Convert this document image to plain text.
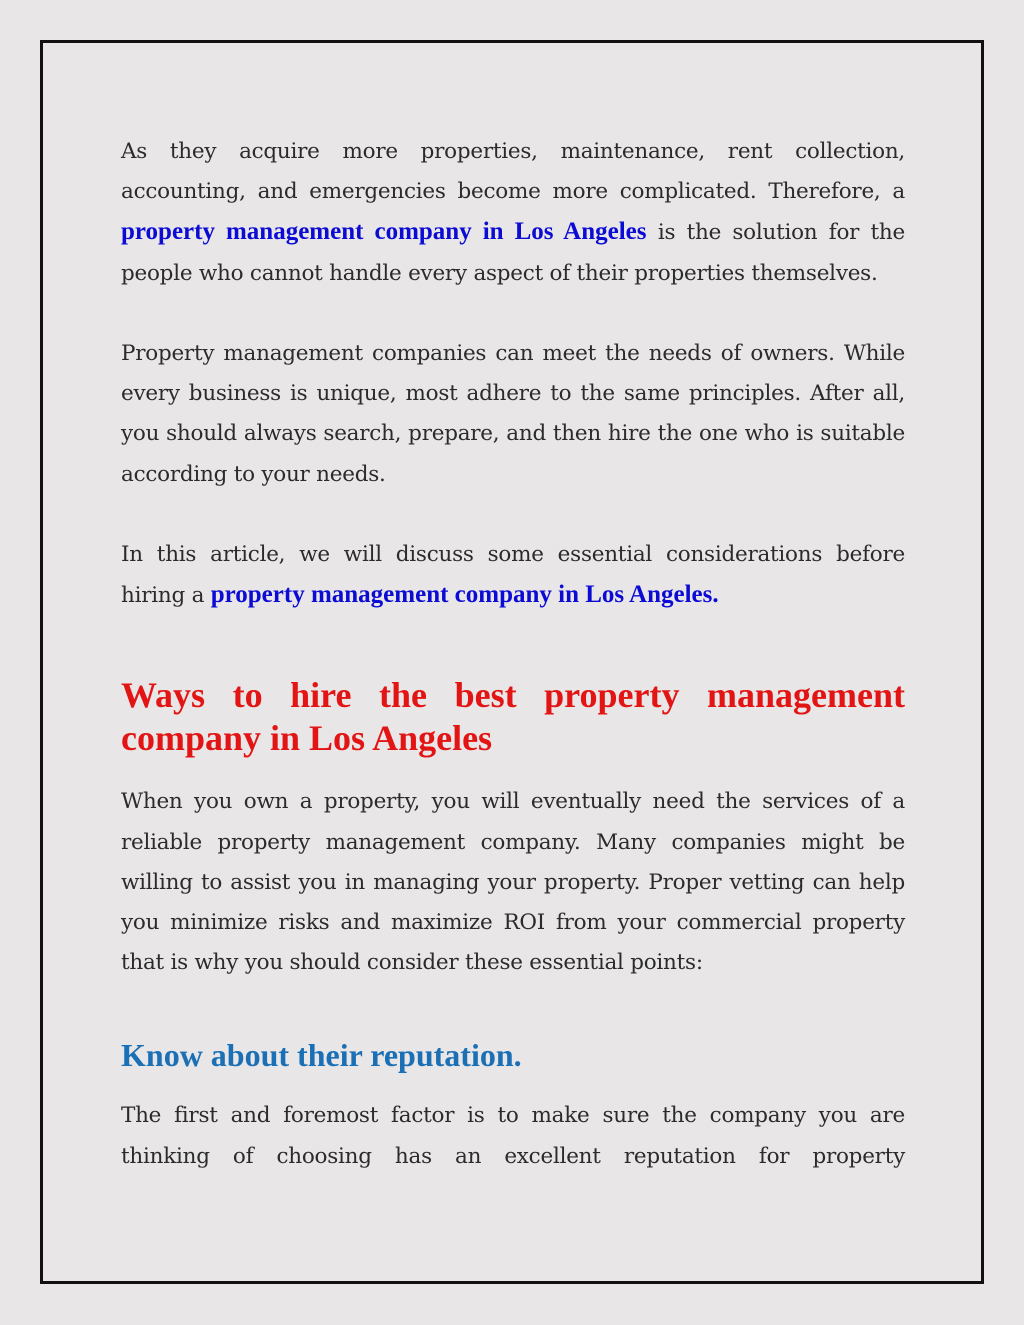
As they acquire more properties, maintenance, rent collection, accounting, and emergencies become more complicated. Therefore, a property management company in Los Angeles is the solution for the people who cannot handle every aspect of their properties themselves.

Property management companies can meet the needs of owners. While every business is unique, most adhere to the same principles. After all, you should always search, prepare, and then hire the one who is suitable according to your needs.

In this article, we will discuss some essential considerations before hiring a property management company in Los Angeles.

Ways to hire the best property management company in Los Angeles

When you own a property, you will eventually need the services of a reliable property management company. Many companies might be willing to assist you in managing your property. Proper vetting can help you minimize risks and maximize ROI from your commercial property that is why you should consider these essential points:

Know about their reputation.

The first and foremost factor is to make sure the company you are thinking of choosing has an excellent reputation for property
